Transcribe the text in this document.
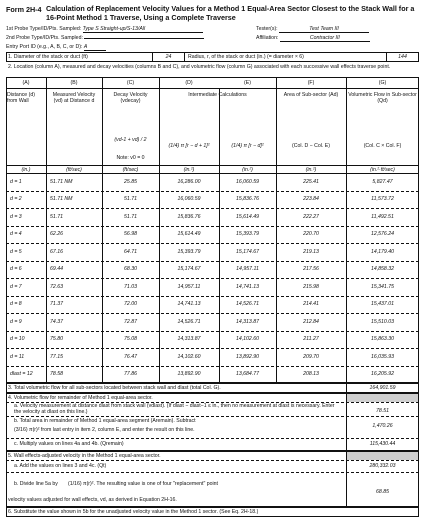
Form 2H-4 Calculation of Replacement Velocity Values for a Method 1 Equal-Area Sector Closest to the Stack Wall for a 16-Point Method 1 Traverse, Using a Complete Traverse
1st Probe Type/ID/Pts. Sampled: Type S Straight-up/S-13/All	Tester(s):	Test Team III
2nd Probe Type/ID/Pts. Sampled:	Affiliation:	Contractor III
Entry Port ID (e.g., A, B, C, or D): A
1. Diameter of the stack or duct (ft)	24	Radius, r, of the stack or duct (in.) (= diameter × 6)	144
2. Location (column A), measured and decay velocities (columns B and C), and volumetric flow (column G) associated with each successive wall effects traverse point.
(A)	(B)	(C)	(D)	(E)	(F)	(G)
Distance (d) from Wall
Measured Velocity (vd) at Distance d
Decay Velocity (vdecay)
Intermediate Calculations	Area of Sub-sector (Ad)	Volumetric Flow in Sub-sector (Qd)
(vd-1 + vd) / 2
Note: v0 = 0
(1/4) π [r − d + 1]²	(1/4) π [r − d]²	(Col. D − Col. E)	(Col. C × Col. F)
(in.)	(ft/sec)	(ft/sec)	(in.²)	(in.²)	(in.²)	(in.²·ft/sec)
d = 1	51.71 NM	25.85	16,286.00	16,060.59	225.41	5,827.47
d = 2	51.71 NM	51.71	16,060.59	15,836.76	223.84	11,573.72
d = 3	51.71	51.71	15,836.76	15,614.49	222.27	11,492.51
d = 4	62.26	56.98	15,614.49	15,393.79	220.70	12,576.24
d = 5	67.16	64.71	15,393.79	15,174.67	219.13	14,179.40
d = 6	69.44	68.30	15,174.67	14,957.11	217.56	14,858.32
d = 7	72.63	71.03	14,957.11	14,741.13	215.98	15,341.75
d = 8	71.37	72.00	14,741.13	14,526.71	214.41	15,437.01
d = 9	74.37	72.87	14,526.71	14,313.87	212.84	15,510.03
d = 10	75.80	75.08	14,313.87	14,102.60	211.27	15,863.30
d = 11	77.15	76.47	14,102.60	13,892.90	209.70	16,035.93
dlast = 12	78.58	77.86	13,892.90	13,684.77	208.13	16,205.92
3. Total volumetric flow for all sub-sectors located between stack wall and dlast (total Col. G).	164,901.59
4. Volumetric flow for remainder of Method 1 equal-area sector.
a. Velocity measurement at distance dlast from stack wall (vdlast). (If dlast − dlast−1 ≤ in., then no measurement at dlast is necessary. Enter the velocity at dlast on this line.)	78.51
b. Total area in remainder of Method 1 equal-area segment (Aremain). Subtract
(3/16) π(r)² from last entry in item 2, column E, and enter the result on this line.
1,470.26
c. Multiply values on lines 4a and 4b. (Qremain)	115,430.44
5. Wall effects-adjusted velocity in the Method 1 equal-area sector.
a. Add the values on lines 3 and 4c. (Qt)	280,332.03
b. Divide line 5a by (1/16) π(r)². The resulting value is one of four "replacement" point
velocity values adjusted for wall effects, vd, as derived in Equation 2H-16.
68.85
6. Substitute the value shown in 5b for the unadjusted velocity value in the Method 1 sector. (See Eq. 2H-18.)
